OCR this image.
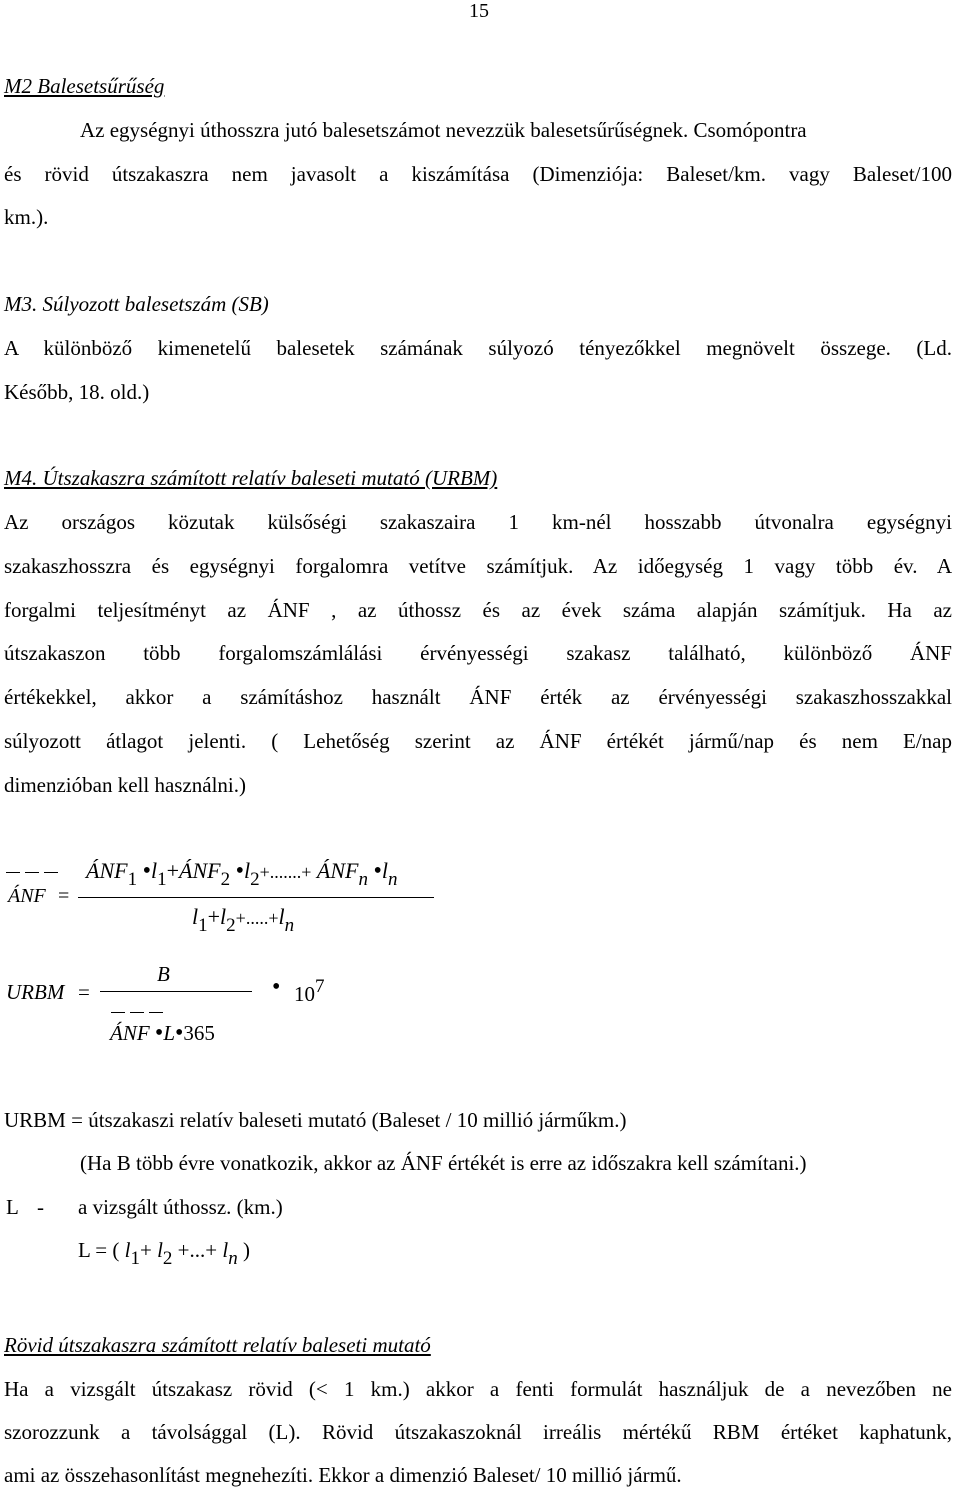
15
M2 Balesetsűrűség
Az egységnyi úthosszra jutó balesetszámot nevezzük balesetsűrűségnek. Csomópontra
és rövid útszakaszra nem javasolt a kiszámítása (Dimenziója: Baleset/km. vagy Baleset/100
km.).
M3. Súlyozott balesetszám (SB)
A különböző kimenetelű balesetek számának súlyozó tényezőkkel megnövelt összege. (Ld.
Később, 18. old.)
M4. Útszakaszra számított relatív baleseti mutató (URBM)
Az országos közutak külsőségi szakaszaira 1 km-nél hosszabb útvonalra egységnyi
szakaszhosszra és egységnyi forgalomra vetítve számítjuk. Az időegység 1 vagy több év. A
forgalmi teljesítményt az ÁNF , az úthossz és az évek száma alapján számítjuk. Ha az
útszakaszon több forgalomszámlálási érvényességi szakasz található, különböző ÁNF
értékekkel, akkor a számításhoz használt ÁNF érték az érvényességi szakaszhosszakkal
súlyozott átlagot jelenti. ( Lehetőség szerint az ÁNF értékét jármű/nap és nem E/nap
dimenzióban kell használni.)
ÁNF =
ÁNF1 •l1+ÁNF2 •l2+.......+ ÁNFn •ln
l1+l2+.....+ln
URBM =
B
ÁNF •L•365
• 107
URBM = útszakaszi relatív baleseti mutató (Baleset / 10 millió járműkm.)
(Ha B több évre vonatkozik, akkor az ÁNF értékét is erre az időszakra kell számítani.)
L - a vizsgált úthossz. (km.)
L = ( l1+ l2 +...+ ln )
Rövid útszakaszra számított relatív baleseti mutató
Ha a vizsgált útszakasz rövid (< 1 km.) akkor a fenti formulát használjuk de a nevezőben ne
szorozzunk a távolsággal (L). Rövid útszakaszoknál irreális mértékű RBM értéket kaphatunk,
ami az összehasonlítást megnehezíti. Ekkor a dimenzió Baleset/ 10 millió jármű.
